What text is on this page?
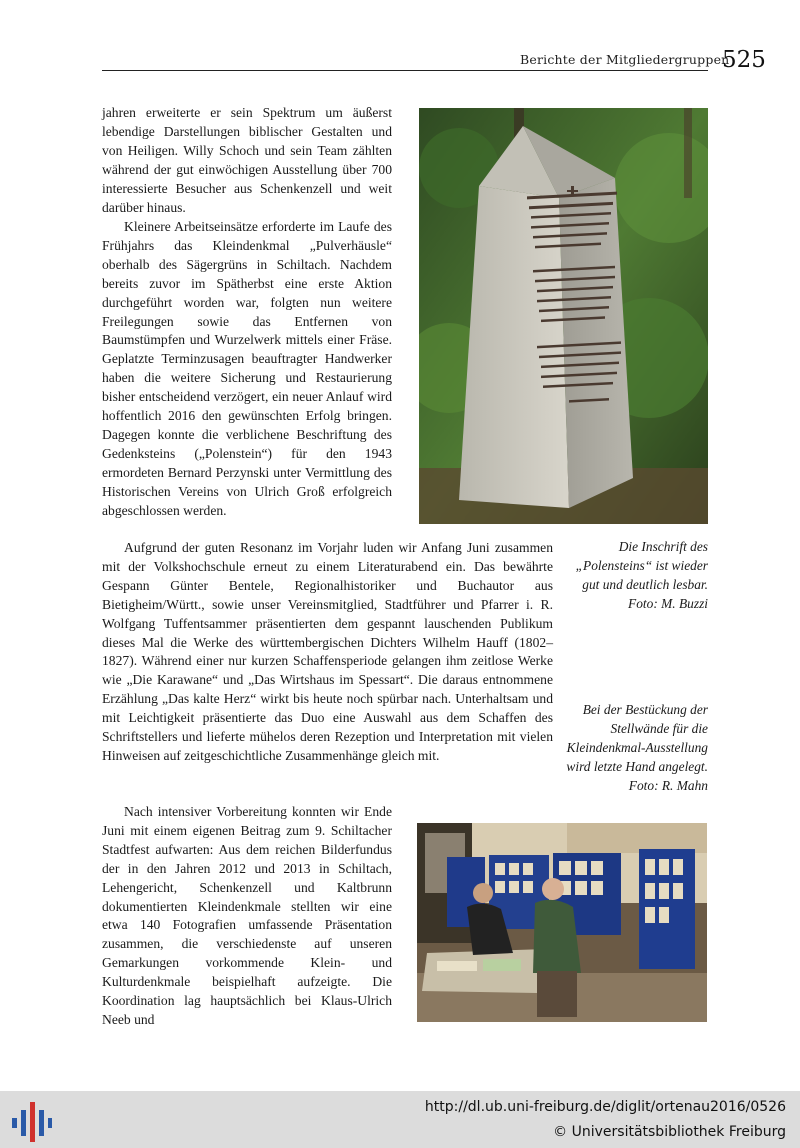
Berichte der Mitgliedergruppen
525

jahren erweiterte er sein Spektrum um äußerst lebendige Darstellungen biblischer Gestalten und von Heiligen. Willy Schoch und sein Team zählten während der gut einwöchigen Ausstellung über 700 interessierte Besucher aus Schenkenzell und weit darüber hinaus.

Kleinere Arbeitseinsätze erforderte im Laufe des Frühjahrs das Kleindenkmal „Pulverhäusle“ oberhalb des Sägergrüns in Schiltach. Nachdem bereits zuvor im Spätherbst eine erste Aktion durchgeführt worden war, folgten nun weitere Freilegungen sowie das Entfernen von Baumstümpfen und Wurzelwerk mittels einer Fräse. Geplatzte Terminzusagen beauftragter Handwerker haben die weitere Sicherung und Restaurierung bisher entscheidend verzögert, ein neuer Anlauf wird hoffentlich 2016 den gewünschten Erfolg bringen. Dagegen konnte die verblichene Beschriftung des Gedenksteins („Polenstein“) für den 1943 ermordeten Bernard Perzynski unter Vermittlung des Historischen Vereins von Ulrich Groß erfolgreich abgeschlossen werden.

Die Inschrift des „Polensteins“ ist wieder gut und deutlich lesbar. Foto: M. Buzzi

Aufgrund der guten Resonanz im Vorjahr luden wir Anfang Juni zusammen mit der Volkshochschule erneut zu einem Literaturabend ein. Das bewährte Gespann Günter Bentele, Regionalhistoriker und Buchautor aus Bietigheim/Württ., sowie unser Vereinsmitglied, Stadtführer und Pfarrer i. R. Wolfgang Tuffentsammer präsentierten dem gespannt lauschenden Publikum dieses Mal die Werke des württembergischen Dichters Wilhelm Hauff (1802–1827). Während einer nur kurzen Schaffensperiode gelangen ihm zeitlose Werke wie „Die Karawane“ und „Das Wirtshaus im Spessart“. Die daraus entnommene Erzählung „Das kalte Herz“ wirkt bis heute noch spürbar nach. Unterhaltsam und mit Leichtigkeit präsentierte das Duo eine Auswahl aus dem Schaffen des Schriftstellers und lieferte mühelos deren Rezeption und Interpretation mit vielen Hinweisen auf zeitgeschichtliche Zusammenhänge gleich mit.

Bei der Bestückung der Stellwände für die Kleindenkmal-Ausstellung wird letzte Hand angelegt. Foto: R. Mahn

Nach intensiver Vorbereitung konnten wir Ende Juni mit einem eigenen Beitrag zum 9. Schiltacher Stadtfest aufwarten: Aus dem reichen Bilderfundus der in den Jahren 2012 und 2013 in Schiltach, Lehengericht, Schenkenzell und Kaltbrunn dokumentierten Kleindenkmale stellten wir eine etwa 140 Fotografien umfassende Präsentation zusammen, die verschiedenste auf unseren Gemarkungen vorkommende Klein- und Kulturdenkmale beispielhaft aufzeigte. Die Koordination lag hauptsächlich bei Klaus-Ulrich Neeb und

http://dl.ub.uni-freiburg.de/diglit/ortenau2016/0526
© Universitätsbibliothek Freiburg
